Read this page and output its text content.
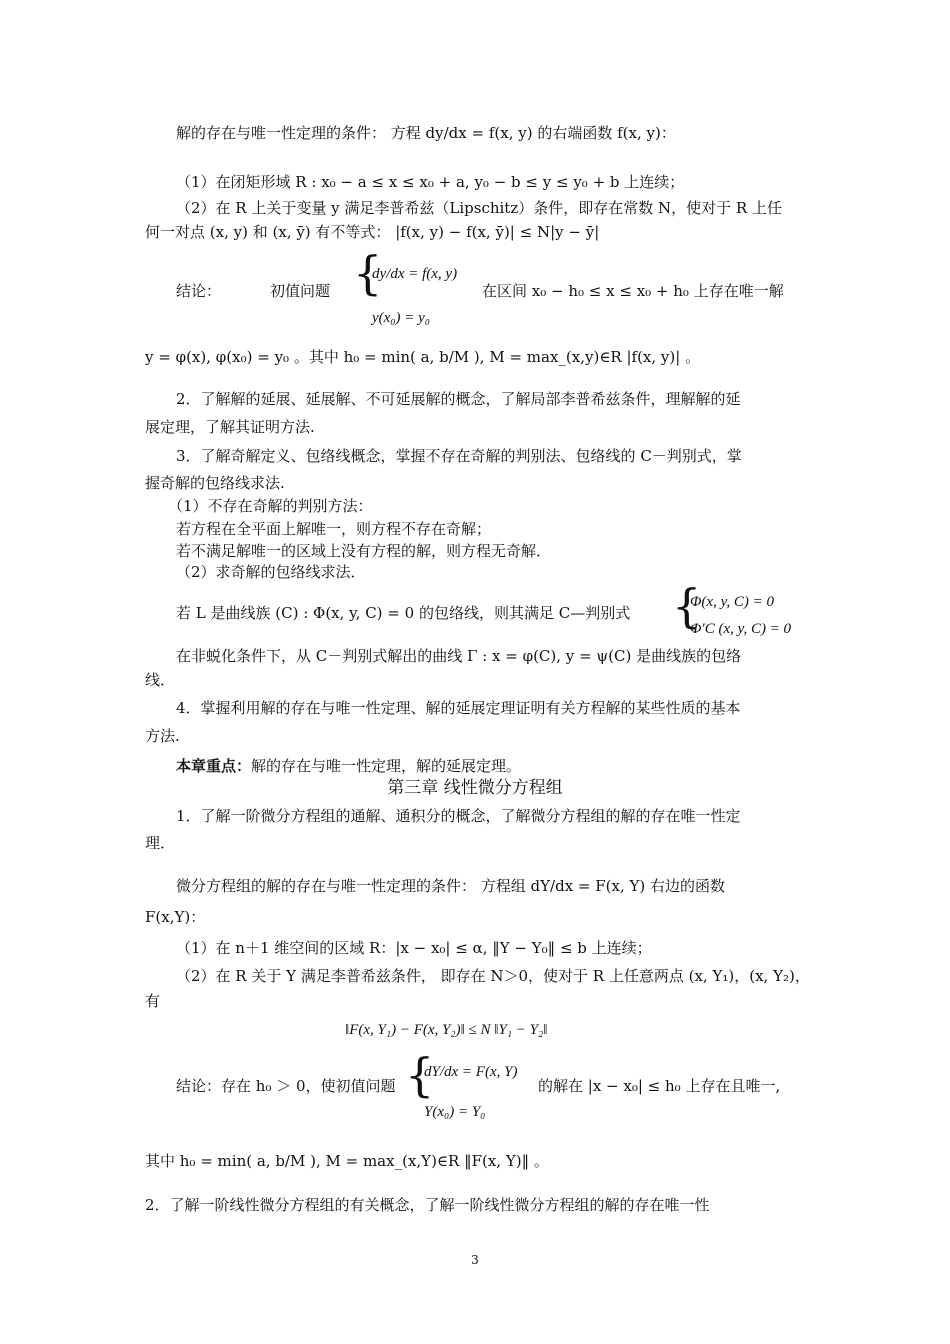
解的存在与唯一性定理的条件： 方程 dy/dx = f(x, y) 的右端函数 f(x, y)：
（1）在闭矩形域 R : x₀ − a ≤ x ≤ x₀ + a, y₀ − b ≤ y ≤ y₀ + b 上连续；
（2）在 R 上关于变量 y 满足李普希兹（Lipschitz）条件，即存在常数 N，使对于 R 上任
何一对点 (x, y) 和 (x, ȳ) 有不等式： |f(x, y) − f(x, ȳ)| ≤ N|y − ȳ|
结论：	初值问题 {
dy/dx = f(x, y)
y(x₀) = y₀
在区间 x₀ − h₀ ≤ x ≤ x₀ + h₀ 上存在唯一解
y = φ(x), φ(x₀) = y₀ 。其中 h₀ = min( a, b/M ), M = max_(x,y)∈R |f(x, y)| 。
2．了解解的延展、延展解、不可延展解的概念，了解局部李普希兹条件，理解解的延
展定理，了解其证明方法.
3．了解奇解定义、包络线概念，掌握不存在奇解的判别法、包络线的 C－判别式，掌
握奇解的包络线求法.
（1）不存在奇解的判别方法：
若方程在全平面上解唯一，则方程不存在奇解；
若不满足解唯一的区域上没有方程的解，则方程无奇解．
（2）求奇解的包络线求法．
若 L 是曲线族 (C) : Φ(x, y, C) = 0 的包络线，则其满足 C—判别式 {
Φ(x, y, C) = 0
Φ′C (x, y, C) = 0
在非蜕化条件下，从 C－判别式解出的曲线 Γ : x = φ(C), y = ψ(C) 是曲线族的包络
线．
4．掌握利用解的存在与唯一性定理、解的延展定理证明有关方程解的某些性质的基本
方法.
本章重点：解的存在与唯一性定理，解的延展定理。
第三章 线性微分方程组
1．了解一阶微分方程组的通解、通积分的概念，了解微分方程组的解的存在唯一性定
理．
微分方程组的解的存在与唯一性定理的条件： 方程组 dY/dx = F(x, Y) 右边的函数
F(x,Y)：
（1）在 n＋1 维空间的区域 R：|x − x₀| ≤ α, ‖Y − Y₀‖ ≤ b 上连续；
（2）在 R 关于 Y 满足李普希兹条件， 即存在 N＞0，使对于 R 上任意两点 (x, Y₁)，(x, Y₂)，
有
‖F(x, Y₁) − F(x, Y₂)‖ ≤ N ‖Y₁ − Y₂‖
结论：存在 h₀ ＞ 0，使初值问题 {
dY/dx = F(x, Y)
Y(x₀) = Y₀
的解在 |x − x₀| ≤ h₀ 上存在且唯一,
其中 h₀ = min( a, b/M ), M = max_(x,Y)∈R ‖F(x, Y)‖ 。
2．了解一阶线性微分方程组的有关概念，了解一阶线性微分方程组的解的存在唯一性
3
